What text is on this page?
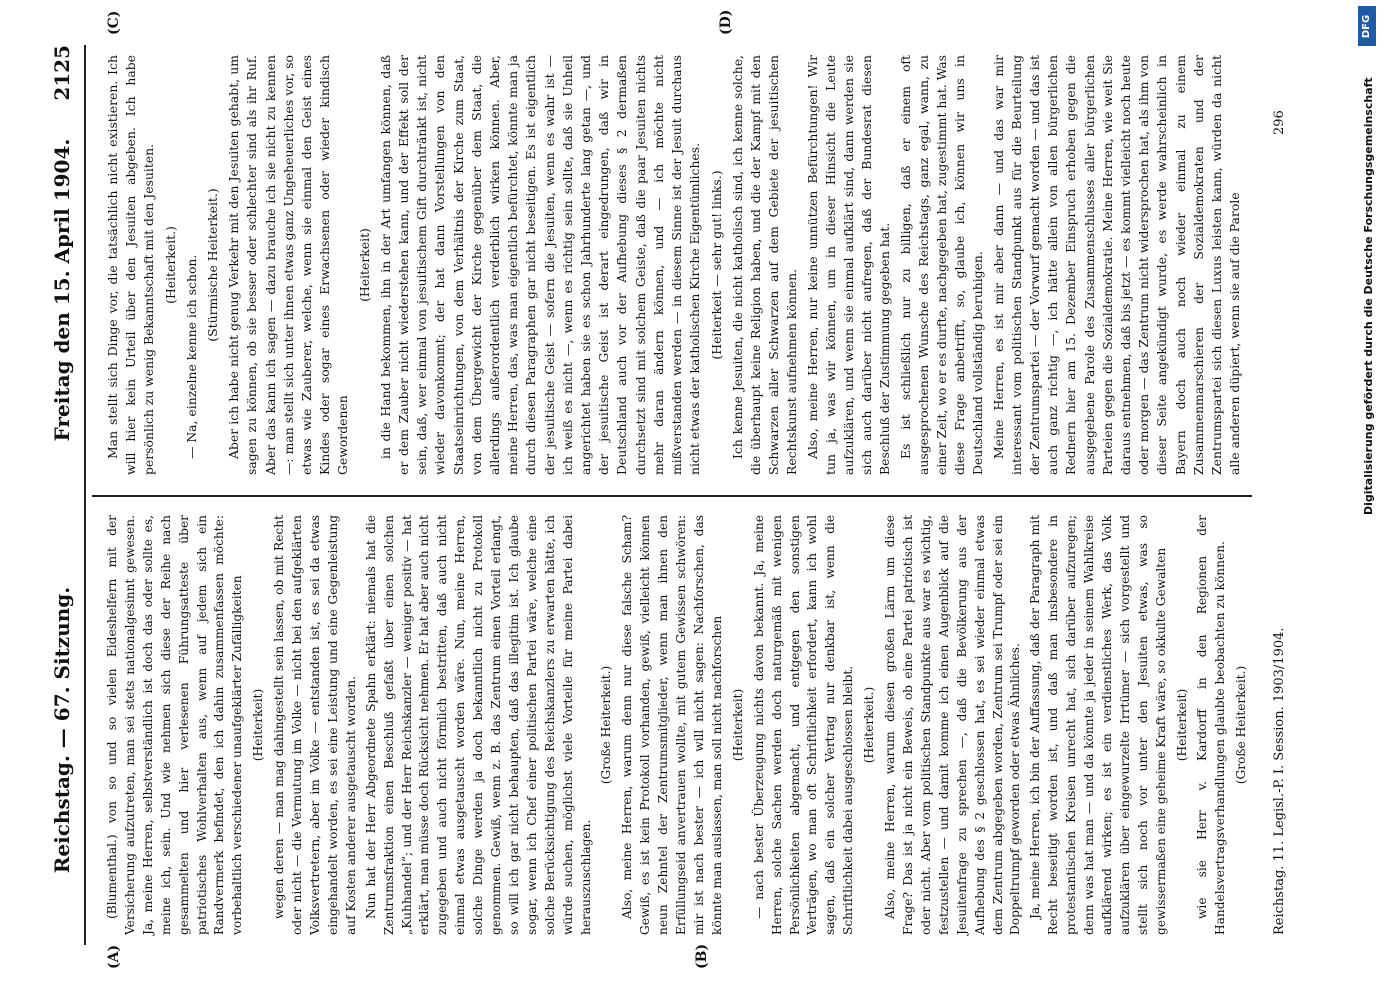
Reichstag. — 67. Sitzung.
Freitag den 15. April 1904.
2125
(A)	(B)
(C)	(D)

(Blumenthal.) von so und so vielen Eideshelfern mit der Versicherung aufzutreten, man sei stets nationalgesinnt gewesen. Ja, meine Herren, selbstverständlich ist doch das oder sollte es, meine ich, sein. Und wie nehmen sich diese der Reihe nach gesammelten und hier verlesenen Führungsatteste über patriotisches Wohlverhalten aus, wenn auf jedem sich ein Randvermerk befindet, den ich dahin zusammenfassen möchte: vorbehaltlich verschiedener unaufgeklärter Zufälligkeiten (Heiterkeit) wegen deren — man mag dahingestellt sein lassen, ob mit Recht oder nicht — die Vermutung im Volke — nicht bei den aufgeklärten Volksvertretern, aber im Volke — entstanden ist, es sei da etwas eingehandelt worden, es sei eine Leistung und eine Gegenleistung auf Kosten anderer ausgetauscht worden. Nun hat der Herr Abgeordnete Spahn erklärt: niemals hat die Zentrumsfraktion einen Beschluß gefaßt über einen solchen „Kuhhandel“; und der Herr Reichskanzler — weniger positiv — hat erklärt, man müsse doch Rücksicht nehmen. Er hat aber auch nicht zugegeben und auch nicht förmlich bestritten, daß auch nicht einmal etwas ausgetauscht worden wäre. Nun, meine Herren, solche Dinge werden ja doch bekanntlich nicht zu Protokoll genommen. Gewiß, wenn z. B. das Zentrum einen Vorteil erlangt, so will ich gar nicht behaupten, daß das illegitim ist. Ich glaube sogar, wenn ich Chef einer politischen Partei wäre, welche eine solche Berücksichtigung des Reichskanzlers zu erwarten hätte, ich würde suchen, möglichst viele Vorteile für meine Partei dabei herauszuschlagen.

(Große Heiterkeit.) Also, meine Herren, warum denn nur diese falsche Scham? Gewiß, es ist kein Protokoll vorhanden, gewiß, vielleicht können neun Zehntel der Zentrumsmitglieder, wenn man ihnen den Erfüllungseid anvertrauen wollte, mit gutem Gewissen schwören: mir ist nach bester — ich will nicht sagen: Nachforschen, das könnte man auslassen, man soll nicht nachforschen (Heiterkeit) — nach bester Überzeugung nichts davon bekannt. Ja, meine Herren, solche Sachen werden doch naturgemäß mit wenigen Persönlichkeiten abgemacht, und entgegen den sonstigen Verträgen, wo man oft Schriftlichkeit erfordert, kann ich wohl sagen, daß ein solcher Vertrag nur denkbar ist, wenn die Schriftlichkeit dabei ausgeschlossen bleibt. (Heiterkeit.) Also, meine Herren, warum diesen großen Lärm um diese Frage? Das ist ja nicht ein Beweis, ob eine Partei patriotisch ist oder nicht. Aber vom politischen Standpunkte aus war es wichtig, festzustellen — und damit komme ich einen Augenblick auf die Jesuitenfrage zu sprechen —, daß die Bevölkerung aus der Aufhebung des § 2 geschlossen hat, es sei wieder einmal etwas dem Zentrum abgegeben worden, Zentrum sei Trumpf oder sei ein Doppeltrumpf geworden oder etwas Ähnliches. Ja, meine Herren, ich bin der Auffassung, daß der Paragraph mit Recht beseitigt worden ist, und daß man insbesondere in protestantischen Kreisen unrecht hat, sich darüber aufzuregen; denn was hat man — und da könnte ja jeder in seinem Wahlkreise aufklärend wirken; es ist ein verdienstliches Werk, das Volk aufzuklären über eingewurzelte Irrtümer — sich vorgestellt und stellt sich noch vor unter den Jesuiten etwas, was so gewissermaßen eine geheime Kraft wäre, so okkulte Gewalten (Heiterkeit) wie sie Herr v. Kardorff in den Regionen der Handelsvertragsverhandlungen glaubte beobachten zu können. (Große Heiterkeit.)

Man stellt sich Dinge vor, die tatsächlich nicht existieren. Ich will hier kein Urteil über den Jesuiten abgeben. Ich habe persönlich zu wenig Bekanntschaft mit den Jesuiten. (Heiterkeit.) — Na, einzelne kenne ich schon. (Stürmische Heiterkeit.) Aber ich habe nicht genug Verkehr mit den Jesuiten gehabt, um sagen zu können, ob sie besser oder schlechter sind als ihr Ruf. Aber das kann ich sagen — dazu brauche ich sie nicht zu kennen —: man stellt sich unter ihnen etwas ganz Ungeheuerliches vor, so etwas wie Zauberer, welche, wenn sie einmal den Geist eines Kindes oder sogar eines Erwachsenen oder wieder kindisch Gewordenen

(Heiterkeit) in die Hand bekommen, ihn in der Art umfangen können, daß er dem Zauber nicht wiederstehen kann, und der Effekt soll der sein, daß, wer einmal von jesuitischem Gift durchtränkt ist, nicht wieder davonkommt; der hat dann Vorstellungen von den Staatseinrichtungen, von dem Verhältnis der Kirche zum Staat, von dem Übergewicht der Kirche gegenüber dem Staat, die allerdings außerordentlich verderblich wirken können. Aber, meine Herren, das, was man eigentlich befürchtet, könnte man ja durch diesen Paragraphen gar nicht beseitigen. Es ist eigentlich der jesuitische Geist — sofern die Jesuiten, wenn es wahr ist — ich weiß es nicht —, wenn es richtig sein sollte, daß sie Unheil angerichtet haben sie es schon Jahrhunderte lang getan —, und der jesuitische Geist ist derart eingedrungen, daß wir in Deutschland auch vor der Aufhebung dieses § 2 dermaßen durchsetzt sind mit solchem Geiste, daß die paar Jesuiten nichts mehr daran ändern können, und — ich möchte nicht mißverstanden werden — in diesem Sinne ist der Jesuit durchaus nicht etwas der katholischen Kirche Eigentümliches. (Heiterkeit — sehr gut! links.) Ich kenne Jesuiten, die nicht katholisch sind, ich kenne solche, die überhaupt keine Religion haben, und die der Kampf mit den Schwarzen aller Schwarzen auf dem Gebiete der jesuitischen Rechtskunst aufnehmen können. Also, meine Herren, nur keine unnützen Befürchtungen! Wir tun ja, was wir können, um in dieser Hinsicht die Leute aufzuklären, und wenn sie einmal aufklärt sind, dann werden sie sich auch darüber nicht aufregen, daß der Bundesrat diesen Beschluß der Zustimmung gegeben hat. Es ist schließlich nur zu billigen, daß er einem oft ausgesprochenen Wunsche des Reichstags, ganz egal, wann, zu einer Zeit, wo er es durfte, nachgegeben hat, zugestimmt hat. Was diese Frage anbetrifft, so, glaube ich, können wir uns in Deutschland vollständig beruhigen. Meine Herren, es ist mir aber dann — und das war mir interessant vom politischen Standpunkt aus für die Beurteilung der Zentrumspartei — der Vorwurf gemacht worden — und das ist auch ganz richtig —, ich hätte allein von allen bürgerlichen Rednern hier am 15. Dezember Einspruch erhoben gegen die ausgegebene Parole des Zusammenschlusses aller bürgerlichen Parteien gegen die Sozialdemokratie. Meine Herren, wie weit Sie daraus entnehmen, daß bis jetzt — es kommt vielleicht noch heute oder morgen — das Zentrum nicht widersprochen hat, als ihm von dieser Seite angekündigt wurde, es werde wahrscheinlich in Bayern doch auch noch wieder einmal zu einem Zusammenmarschieren der Sozialdemokraten und der Zentrumspartei sich diesen Luxus leisten kann, würden da nicht alle anderen düpiert, wenn sie auf die Parole

Reichstag. 11. Legisl.-P. I. Session. 1903/1904.
296	Digitalisierung gefördert durch die Deutsche Forschungsgemeinschaft
DFG
